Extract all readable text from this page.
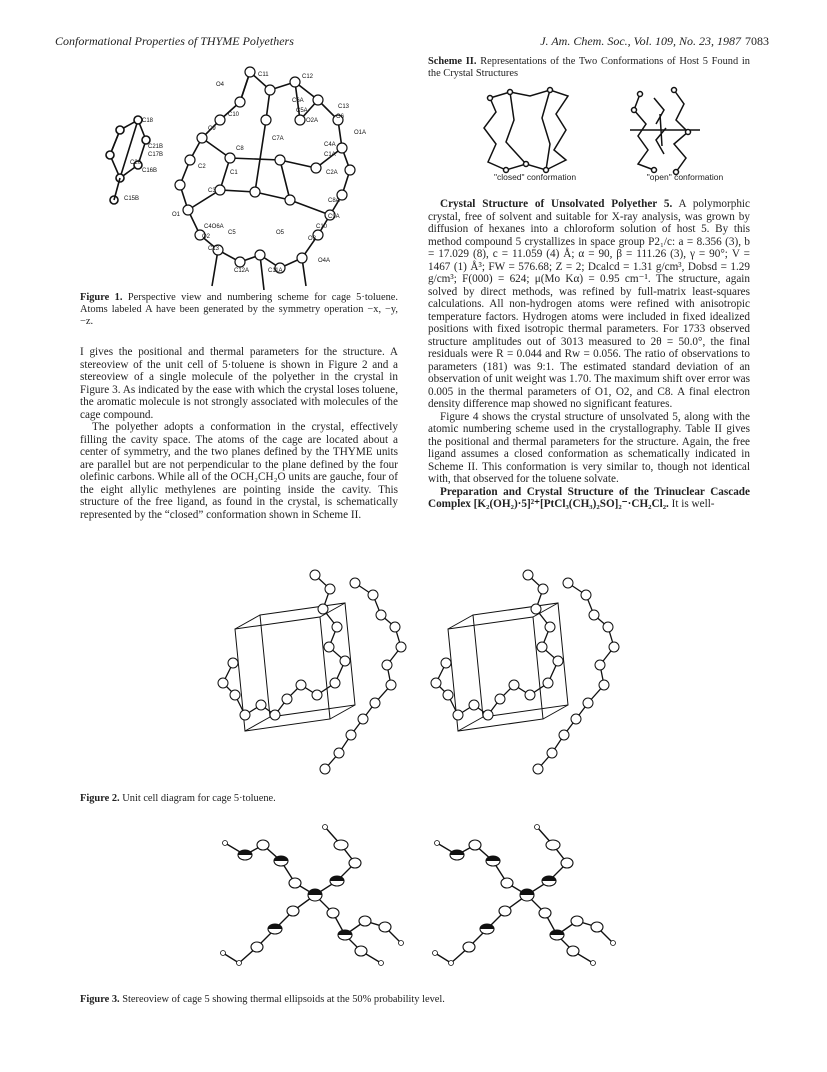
Conformational Properties of THYME Polyethers	J. Am. Chem. Soc., Vol. 109, No. 23, 1987 7083
C11	C12
O4
C6A
C5A
C13
C10
O2A
O6
C9
C7A
O1A
C4A
C1A
C18
C21B
C17B
C20
C16B
C15B
C8
C2
C1
C3
C2A
C8A
C4O6A
O2
C5	O5
O3
C9A
C10
C12A	C11A
O4A
C13
O1
Figure 1. Perspective view and numbering scheme for cage 5·toluene. Atoms labeled A have been generated by the symmetry operation −x, −y, −z.

I gives the positional and thermal parameters for the structure. A stereoview of the unit cell of 5·toluene is shown in Figure 2 and a stereoview of a single molecule of the polyether in the crystal in Figure 3. As indicated by the ease with which the crystal loses toluene, the aromatic molecule is not strongly associated with molecules of the cage compound.

The polyether adopts a conformation in the crystal, effectively filling the cavity space. The atoms of the cage are located about a center of symmetry, and the two planes defined by the THYME units are parallel but are not perpendicular to the plane defined by the four olefinic carbons. While all of the OCH₂CH₂O units are gauche, four of the eight allylic methylenes are pointing inside the cavity. This structure of the free ligand, as found in the crystal, is schematically represented by the “closed” conformation shown in Scheme II.

Scheme II. Representations of the Two Conformations of Host 5 Found in the Crystal Structures
"closed" conformation	"open" conformation

Crystal Structure of Unsolvated Polyether 5. A polymorphic crystal, free of solvent and suitable for X-ray analysis, was grown by diffusion of hexanes into a chloroform solution of host 5. By this method compound 5 crystallizes in space group P2₁/c: a = 8.356 (3), b = 17.029 (8), c = 11.059 (4) Å; α = 90, β = 111.26 (3), γ = 90°; V = 1467 (1) Å³; FW = 576.68; Z = 2; Dcalcd = 1.31 g/cm³, Dobsd = 1.29 g/cm³; F(000) = 624; μ(Mo Kα) = 0.95 cm⁻¹. The structure, again solved by direct methods, was refined by full-matrix least-squares calculations. All non-hydrogen atoms were refined with anisotropic temperature factors. Hydrogen atoms were included in fixed idealized positions with fixed isotropic thermal parameters. For 1733 observed structure amplitudes out of 3013 measured to 2θ = 50.0°, the final residuals were R = 0.044 and Rw = 0.056. The ratio of observations to parameters (181) was 9:1. The estimated standard deviation of an observation of unit weight was 1.70. The maximum shift over error was 0.005 in the thermal parameters of O1, O2, and C8. A final electron density difference map showed no significant features.

Figure 4 shows the crystal structure of unsolvated 5, along with the atomic numbering scheme used in the crystallography. Table II gives the positional and thermal parameters for the structure. Again, the free ligand assumes a closed conformation as schematically indicated in Scheme II. This conformation is very similar to, though not identical with, that observed for the toluene solvate.

Preparation and Crystal Structure of the Trinuclear Cascade Complex [K₂(OH₂)·5]²⁺[PtCl₃(CH₃)₂SO]₂⁻·CH₂Cl₂. It is well-

Figure 2. Unit cell diagram for cage 5·toluene.
Figure 3. Stereoview of cage 5 showing thermal ellipsoids at the 50% probability level.
